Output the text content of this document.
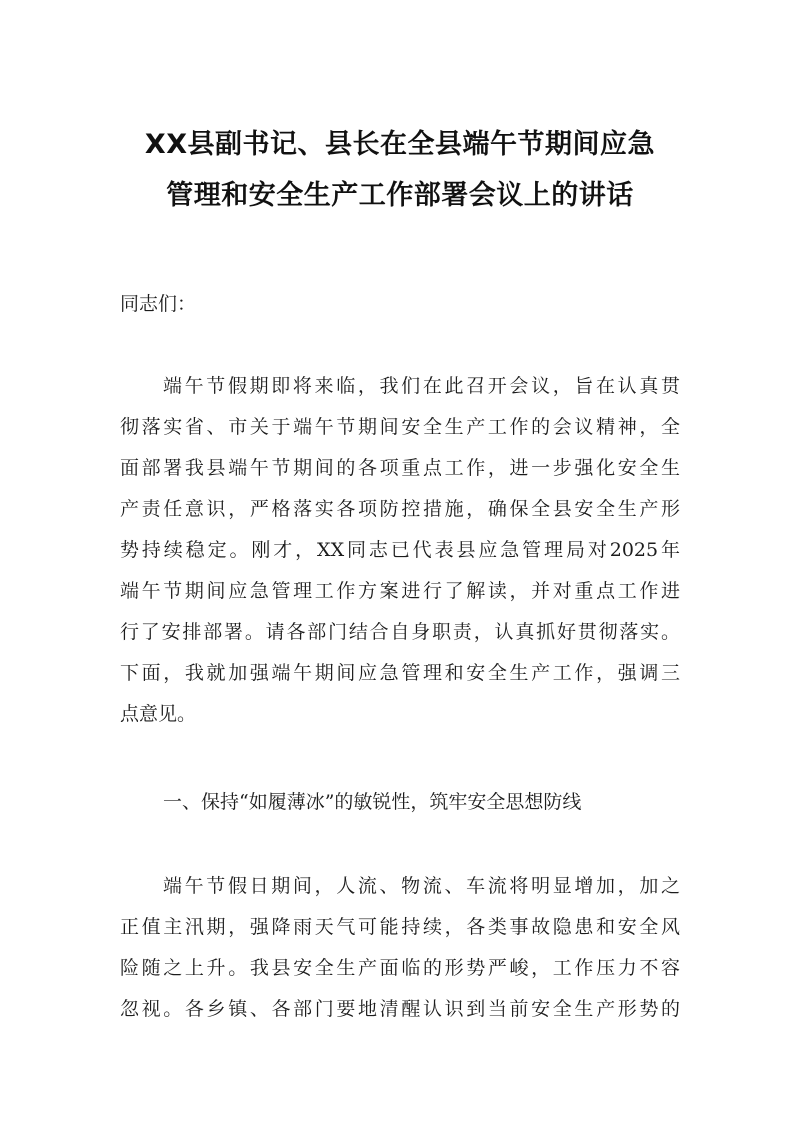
XX县副书记、县长在全县端午节期间应急
管理和安全生产工作部署会议上的讲话
同志们：
端午节假期即将来临，我们在此召开会议，旨在认真贯
彻落实省、市关于端午节期间安全生产工作的会议精神，全
面部署我县端午节期间的各项重点工作，进一步强化安全生
产责任意识，严格落实各项防控措施，确保全县安全生产形
势持续稳定。刚才，XX同志已代表县应急管理局对2025年
端午节期间应急管理工作方案进行了解读，并对重点工作进
行了安排部署。请各部门结合自身职责，认真抓好贯彻落实。
下面，我就加强端午期间应急管理和安全生产工作，强调三
点意见。
一、保持“如履薄冰”的敏锐性，筑牢安全思想防线
端午节假日期间，人流、物流、车流将明显增加，加之
正值主汛期，强降雨天气可能持续，各类事故隐患和安全风
险随之上升。我县安全生产面临的形势严峻，工作压力不容
忽视。各乡镇、各部门要地清醒认识到当前安全生产形势的
